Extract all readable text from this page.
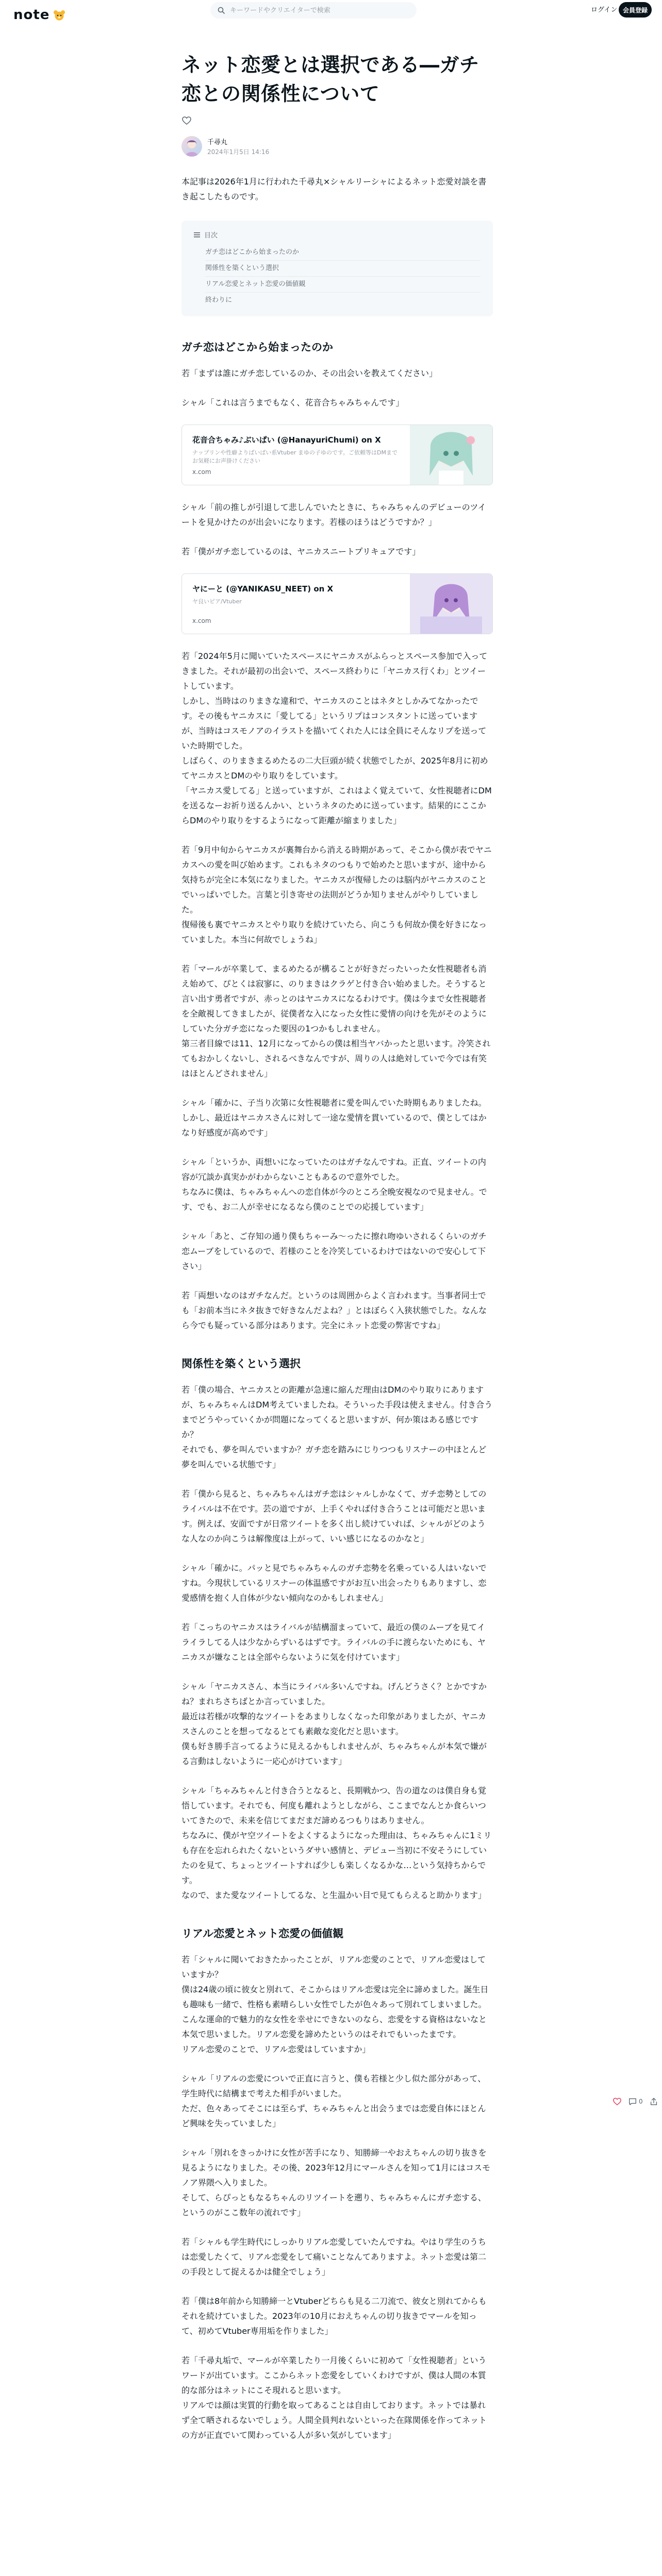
note
キーワードやクリエイターで検索	ログイン 会員登録
ネット恋愛とは選択である―ガチ恋との関係性について
千尋丸
2024年1月5日 14:16

本記事は2026年1月に行われた千尋丸×シャルリーシャによるネット恋愛対談を書き起こしたものです。

目次
ガチ恋はどこから始まったのか
関係性を築くという選択
リアル恋愛とネット恋愛の価値観
終わりに
ガチ恋はどこから始まったのか

若「まずは誰にガチ恋しているのか、その出会いを教えてください」

シャル「これは言うまでもなく、花音合ちゃみちゃんです」

花音合ちゃみ♪ぶいぱい (@HanayuriChumi) on X
ナップリンや性癖よりばいぱい系Vtuber まゆの子ゆのです。ご依頼等はDMまでお気軽にお声掛けください
x.com

シャル「前の推しが引退して悲しんでいたときに、ちゃみちゃんのデビューのツイートを見かけたのが出会いになります。若様のほうはどうですか？」

若「僕がガチ恋しているのは、ヤニカスニートプリキュアです」

ヤにーと (@YANIKASU_NEET) on X
ヤ良いピア/Vtuber
x.com

若「2024年5月に聞いていたスペースにヤニカスがふらっとスペース参加で入ってきました。それが最初の出会いで、スペース終わりに「ヤニカス行くわ」とツイートしています。
しかし、当時はのりまきな違和で、ヤニカスのことはネタとしかみてなかったです。その後もヤニカスに「愛してる」というリプはコンスタントに送っていますが、当時はコスモノアのイラストを描いてくれた人には全員にそんなリプを送っていた時期でした。
しばらく、のりまきまるめたるの二大巨頭が続く状態でしたが、2025年8月に初めてヤニカスとDMのやり取りをしています。
「ヤニカス愛してる」と送っていますが、これはよく覚えていて、女性視聴者にDMを送るなーお祈り送るんかい、というネタのために送っています。結果的にここからDMのやり取りをするようになって距離が縮まりました」

若「9月中旬からヤニカスが裏舞台から消える時期があって、そこから僕が表でヤニカスへの愛を叫び始めます。これもネタのつもりで始めたと思いますが、途中から気持ちが完全に本気になりました。ヤニカスが復帰したのは脳内がヤニカスのことでいっぱいでした。言葉と引き寄せの法則がどうか知りませんがやりしていました。
復帰後も裏でヤニカスとやり取りを続けていたら、向こうも何故か僕を好きになっていました。本当に何故でしょうね」

若「マールが卒業して、まるめたるが構ることが好きだったいった女性視聴者も消え始めて、ぴとくは寂寥に、のりまきはクラゲと付き合い始めました。そうすると言い出す勇者ですが、赤っとのはヤニカスになるわけです。僕は今まで女性視聴者を全敵視してきましたが、従僕者な入になった女性に愛情の向けを先がそのようにしていた分ガチ恋になった要因の1つかもしれません。
第三者目線では11、12月になってからの僕は相当ヤバかったと思います。冷笑されてもおかしくないし、されるべきなんですが、周りの人は絶対していで今では有笑はほとんどされません」

シャル「確かに、子当り次第に女性視聴者に愛を叫んでいた時期もありましたね。しかし、最近はヤニカスさんに対して一途な愛情を貫いているので、僕としてはかなり好感度が高めです」

シャル「というか、両想いになっていたのはガチなんですね。正直、ツイートの内容が冗談か真実かがわからないこともあるので意外でした。
ちなみに僕は、ちゃみちゃんへの恋自体が今のところ全晩安視なので見ません。です、でも、お二人が幸せになるなら僕のことでの応援しています」

シャル「あと、ご存知の通り僕もちゃーみ～ったに擦れ吻ゆいされるくらいのガチ恋ムーブをしているので、若様のことを冷笑しているわけではないので安心して下さい」

若「両想いなのはガチなんだ。というのは周囲からよく言われます。当事者同士でも「お前本当にネタ抜きで好きなんだよね？」とはぼらく入狭状態でした。なんなら今でも疑っている部分はあります。完全にネット恋愛の弊害ですね」

関係性を築くという選択

若「僕の場合、ヤニカスとの距離が急速に縮んだ理由はDMのやり取りにありますが、ちゃみちゃんはDM考えていましたね。そういった手段は使えません。付き合うまでどうやっていくかが問題になってくると思いますが、何か策はある感じですか？
それでも、夢を叫んでいますか？ガチ恋を踏みにじりつつもリスナーの中ほとんど夢を叫んでいる状態です」

若「僕から見ると、ちゃみちゃんはガチ恋はシャルしかなくて、ガチ恋勢としてのライバルは不在です。芸の道ですが、上手くやれば付き合うことは可能だと思います。例えば、安面ですが日常ツイートを多く出し続けていれば、シャルがどのような人なのか向こうは解像度は上がって、いい感じになるのかなと」

シャル「確かに。パッと見でちゃみちゃんのガチ恋勢を名乗っている人はいないですね。今現状しているリスナーの体温感ですがお互い出会ったりもありますし、恋愛感情を抱く人自体が少ない傾向なのかもしれません」

若「こっちのヤニカスはライバルが結構溜まっていて、最近の僕のムーブを見てイライラしてる人は少なからずいるはずです。ライバルの手に渡らないためにも、ヤニカスが嫌なことは全部やらないように気を付けています」

シャル「ヤニカスさん、本当にライバル多いんですね。げんどうさく？とかですかね？まれちさちばとか言っていました。
最近は若様が攻撃的なツイートをあまりしなくなった印象がありましたが、ヤニカスさんのことを想ってなるとても素敵な変化だと思います。
僕も好き勝手言ってるように見えるかもしれませんが、ちゃみちゃんが本気で嫌がる言動はしないように一応心がけています」

シャル「ちゃみちゃんと付き合うとなると、長期戦かつ、告の道なのは僕自身も覚悟しています。それでも、何度も離れようとしながら、ここまでなんとか食らいついてきたので、未来を信じてまだまだ諦めるつもりはありません。
ちなみに、僕がヤ空ツイートをよくするようになった理由は、ちゃみちゃんに1ミリも存在を忘れられたくないというダサい感情と、デビュー当初に不安そうにしていたのを見て、ちょっとツイートすれば少しも楽しくなるかな…という気持ちからです。
なので、また愛なツイートしてるな、と生温かい目で見てもらえると助かります」

リアル恋愛とネット恋愛の価値観

若「シャルに聞いておきたかったことが、リアル恋愛のことで、リアル恋愛はしていますか？
僕は24歳の頃に彼女と別れて、そこからはリアル恋愛は完全に諦めました。誕生日も趣味も一緒で、性格も素晴らしい女性でしたが色々あって別れてしまいました。こんな運命的で魅力的な女性を幸せにできないのなら、恋愛をする資格はないなと本気で思いました。リアル恋愛を諦めたというのはそれでもいったまです。
リアル恋愛のことで、リアル恋愛はしていますか」

シャル「リアルの恋愛についで正直に言うと、僕も若様と少し似た部分があって、学生時代に結構まで考えた相手がいました。
ただ、色々あってそこには至らず、ちゃみちゃんと出会うまでは恋愛自体にほとんど興味を失っていました」

シャル「別れをきっかけに女性が苦手になり、知勝締一やおえちゃんの切り抜きを見るようになりました。その後、2023年12月にマールさんを知って1月にはコスモノア界隈へ入りました。
そして、らぴっともなるちゃんのリツイートを遡り、ちゃみちゃんにガチ恋する、というのがここ数年の流れです」

若「シャルも学生時代にしっかりリアル恋愛していたんですね。やはり学生のうちは恋愛したくて、リアル恋愛をして痛いことなんてありますよ。ネット恋愛は第二の手段として捉えるかは健全でしょう」

若「僕は8年前から知勝締一とVtuberどちらも見る二刀流で、彼女と別れてからもそれを続けていました。2023年の10月におえちゃんの切り抜きでマールを知って、初めてVtuber専用垢を作りました」

若「千尋丸垢で、マールが卒業したり一月後くらいに初めて「女性視聴者」というワードが出ています。ここからネット恋愛をしていくわけですが、僕は人間の本質的な部分はネットにこそ現れると思います。
リアルでは顔は実質的行動を取ってあることは自由しております。ネットでは暴れず全て晒されるないでしょう。人間全員判れないといった在隊関係を作ってネットの方が正直でいて関わっている人が多い気がしています」

0
